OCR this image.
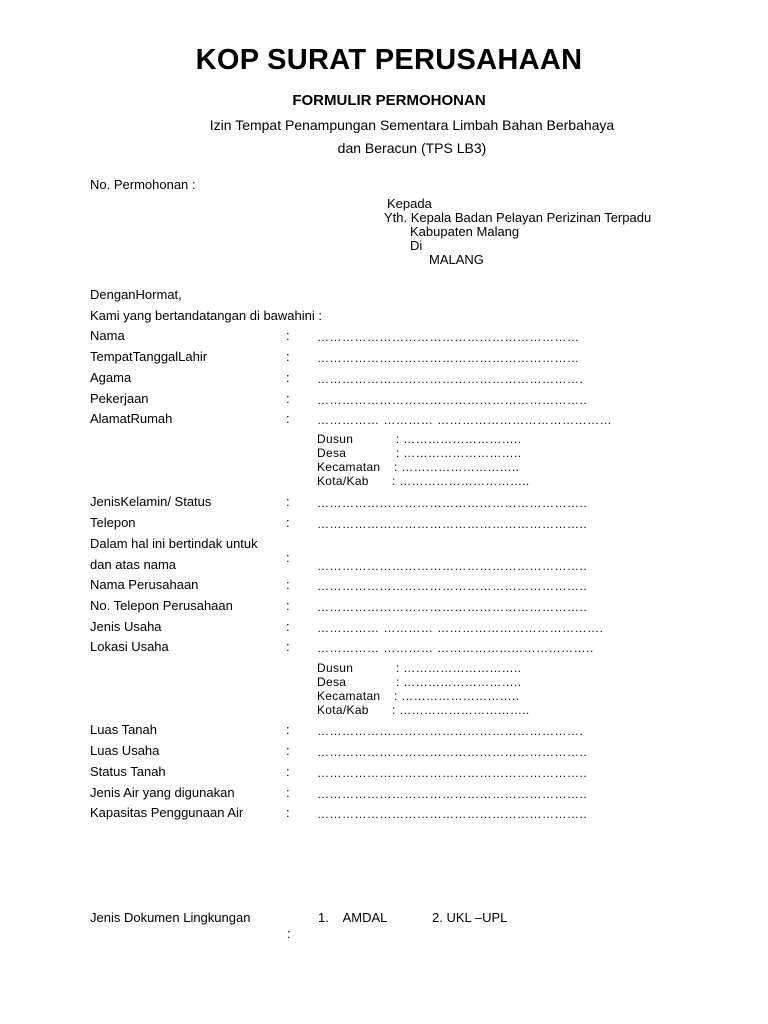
KOP SURAT PERUSAHAAN
FORMULIR PERMOHONAN
Izin Tempat Penampungan Sementara Limbah Bahan Berbahaya
dan Beracun (TPS LB3)
No. Permohonan :
Kepada
Yth. Kepala Badan Pelayan Perizinan Terpadu
Kabupaten Malang
Di
MALANG
DenganHormat,
Kami yang bertandatangan di bawahini :
Nama	: ………………………………………………………
TempatTanggalLahir	: ………………………………………………………
Agama	: ……………………………………………………….
Pekerjaan	: ………………………………………………………..
AlamatRumah	: …………… ………… ……………………………………
Dusun	: ………………………..
Desa	: ………………………..
Kecamatan : ………………………..
Kota/Kab : …………………………..
JenisKelamin/ Status	: ………………………………………………………..
Telepon	: ………………………………………………………..
Dalam hal ini bertindak untuk
:
dan atas nama	………………………………………………………..
Nama Perusahaan	: ………………………………………………………..
No. Telepon Perusahaan	: ………………………………………………………..
Jenis Usaha	: …………… ………… ………………………………….
Lokasi Usaha	: …………… ………… ……………...………………..
Dusun	: ………………………..
Desa	: ………………………..
Kecamatan : ………………………..
Kota/Kab : …………………………..
Luas Tanah	: ……………………………………………………….
Luas Usaha	: ………………………………………………………..
Status Tanah	: ………………………………………………………..
Jenis Air yang digunakan	: ………………………………………………………..
Kapasitas Penggunaan Air	: ………………………………………………………..
Jenis Dokumen Lingkungan	1.    AMDAL	2. UKL –UPL
:
